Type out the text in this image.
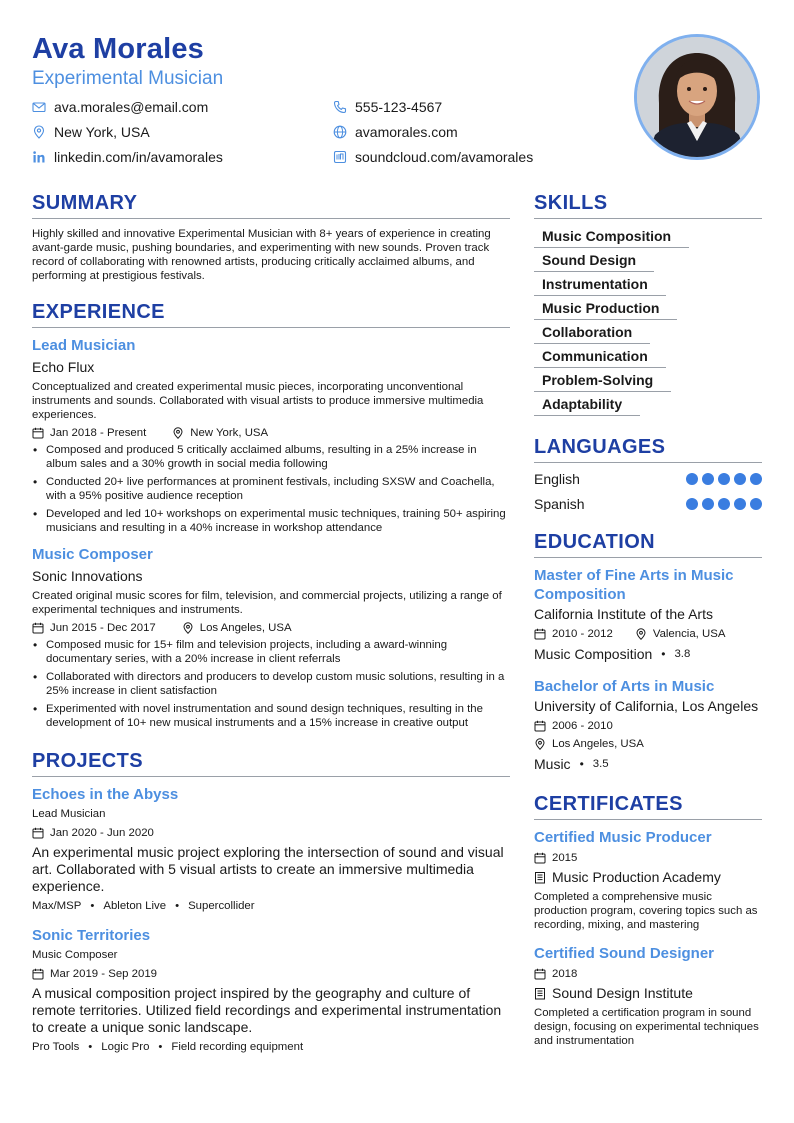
Ava Morales
Experimental Musician
ava.morales@email.com	555-123-4567
New York, USA	avamorales.com
linkedin.com/in/avamorales	soundcloud.com/avamorales
SUMMARY
Highly skilled and innovative Experimental Musician with 8+ years of experience in creating avant-garde music, pushing boundaries, and experimenting with new sounds. Proven track record of collaborating with renowned artists, producing critically acclaimed albums, and performing at prestigious festivals.
EXPERIENCE
Lead Musician
Echo Flux
Conceptualized and created experimental music pieces, incorporating unconventional instruments and sounds. Collaborated with visual artists to produce immersive multimedia experiences.
Jan 2018 - Present	New York, USA
• Composed and produced 5 critically acclaimed albums, resulting in a 25% increase in album sales and a 30% growth in social media following
• Conducted 20+ live performances at prominent festivals, including SXSW and Coachella, with a 95% positive audience reception
• Developed and led 10+ workshops on experimental music techniques, training 50+ aspiring musicians and resulting in a 40% increase in workshop attendance
Music Composer
Sonic Innovations
Created original music scores for film, television, and commercial projects, utilizing a range of experimental techniques and instruments.
Jun 2015 - Dec 2017	Los Angeles, USA
• Composed music for 15+ film and television projects, including a award-winning documentary series, with a 20% increase in client referrals
• Collaborated with directors and producers to develop custom music solutions, resulting in a 25% increase in client satisfaction
• Experimented with novel instrumentation and sound design techniques, resulting in the development of 10+ new musical instruments and a 15% increase in creative output
PROJECTS
Echoes in the Abyss
Lead Musician
Jan 2020 - Jun 2020
An experimental music project exploring the intersection of sound and visual art. Collaborated with 5 visual artists to create an immersive multimedia experience.
Max/MSP • Ableton Live • Supercollider
Sonic Territories
Music Composer
Mar 2019 - Sep 2019
A musical composition project inspired by the geography and culture of remote territories. Utilized field recordings and experimental instrumentation to create a unique sonic landscape.
Pro Tools • Logic Pro • Field recording equipment
SKILLS
Music Composition
Sound Design
Instrumentation
Music Production
Collaboration
Communication
Problem-Solving
Adaptability
LANGUAGES
English
Spanish
EDUCATION
Master of Fine Arts in Music Composition
California Institute of the Arts
2010 - 2012	Valencia, USA
Music Composition • 3.8
Bachelor of Arts in Music
University of California, Los Angeles
2006 - 2010
Los Angeles, USA
Music • 3.5
CERTIFICATES
Certified Music Producer
2015
Music Production Academy
Completed a comprehensive music production program, covering topics such as recording, mixing, and mastering
Certified Sound Designer
2018
Sound Design Institute
Completed a certification program in sound design, focusing on experimental techniques and instrumentation
